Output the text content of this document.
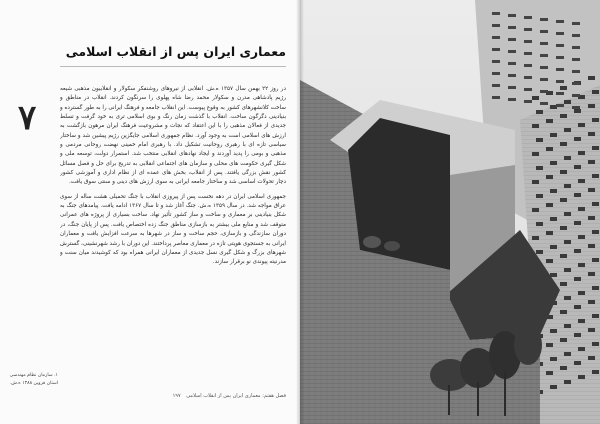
معماری ایران پس از انقلاب اسلامی
۷

در روز ۲۲ بهمن سال ۱۳۵۷ ه.ش. انقلابی از نیروهای روشنفکر سکولار و انقلابیون مذهبی شیعه رژیم پادشاهی مدرن و سکولار محمد رضا شاه پهلوی را سرنگون کردند. انقلاب در مناطق و ساخت کلانشهرهای کشور به وقوع پیوست. این انقلاب جامعه و فرهنگ ایرانی را به طور گسترده و بنیادینی دگرگون ساخت. انقلاب با گذشت زمان رنگ و بوی اسلامی تری به خود گرفت و تسلط جدیدی از فعالان مذهبی را با این اعتقاد که نجات و مشروعیت فرهنگ ایران مرهون بازگشت به ارزش های اسلامی است به وجود آورد. نظام جمهوری اسلامی جایگزین رژیم پیشین شد و ساختار سیاسی تازه ای با رهبری روحانیت تشکیل داد. با رهبری امام خمینی نهضت روحانی مردمی و مذهبی و بومی را پدید آوردند و ایجاد نهادهای انقلابی منتخب شد. استمرار دولت، توسعه ملی و شکل گیری حکومت های محلی و سازمان های اجتماعی انقلابی به تدریج برای حل و فصل مسائل کشور نقش بزرگی یافتند. پس از انقلاب، بخش های عمده ای از نظام اداری و آموزشی کشور دچار تحولات اساسی شد و ساختار جامعه ایرانی به سوی ارزش های دینی و سنتی سوق یافت.

جمهوری اسلامی ایران در دهه نخست پس از پیروزی انقلاب با جنگ تحمیلی هشت ساله از سوی عراق مواجه شد. در سال ۱۳۵۹ ه.ش. جنگ آغاز شد و تا سال ۱۳۶۷ ادامه یافت. پیامدهای جنگ به شکل بنیادینی بر معماری و ساخت و ساز کشور تأثیر نهاد. ساخت بسیاری از پروژه های عمرانی متوقف شد و منابع ملی بیشتر به بازسازی مناطق جنگ زده اختصاص یافت. پس از پایان جنگ، در دوران سازندگی و بازسازی، حجم ساخت و ساز در شهرها به سرعت افزایش یافت و معماران ایرانی به جستجوی هویتی تازه در معماری معاصر پرداختند. این دوران با رشد شهرنشینی، گسترش شهرهای بزرگ و شکل گیری نسل جدیدی از معماران ایرانی همراه بود که کوشیدند میان سنت و مدرنیته پیوندی نو برقرار سازند.

۱. سازمان نظام مهندسی استان قزوین ۱۳۸۸ ه.ش.
فصل هفتم: معماری ایران پس از انقلاب اسلامی ۱۹۷
